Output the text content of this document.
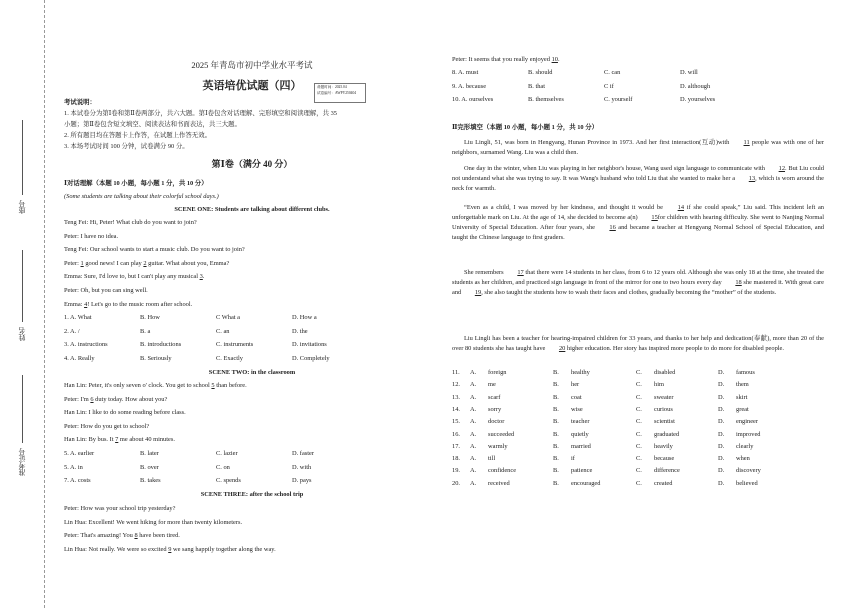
座号
姓名
准考证号
2025 年青岛市初中学业水平考试
英语培优试题（四）	命题时间：2025.04
试卷编号：AWPY250404
考试说明：
1. 本试卷分为第Ⅰ卷和第Ⅱ卷两部分，共六大题。第Ⅰ卷包含对话理解、完形填空和阅读理解，共 35
小题；第Ⅱ卷包含短文填空、阅读表达和书面表达，共三大题。
2. 所有题目均在答题卡上作答，在试题上作答无效。
3. 本场考试时间 100 分钟，试卷满分 90 分。
第Ⅰ卷（满分 40 分）
Ⅰ对话理解（本题 10 小题，每小题 1 分，共 10 分）
(Some students are talking about their colorful school days.)
SCENE ONE: Students are talking about different clubs.
Teng Fei: Hi, Peter! What club do you want to join?
Peter: I have no idea.
Teng Fei: Our school wants to start a music club. Do you want to join?
Peter: 1 good news! I can play 2 guitar. What about you, Emma?
Emma: Sure, I'd love to, but I can't play any musical 3.
Peter: Oh, but you can sing well.
Emma: 4! Let's go to the music room after school.
1. A. What	B. How	C What a	D. How a
2. A. /	B. a	C. an	D. the
3. A. instructions	B. introductions	C. instruments	D. invitations
4. A. Really	B. Seriously	C. Exactly	D. Completely
SCENE TWO: in the classroom
Han Lin: Peter, it's only seven o' clock. You get to school 5 than before.
Peter: I'm 6 duty today. How about you?
Han Lin: I like to do some reading before class.
Peter: How do you get to school?
Han Lin: By bus. It 7 me about 40 minutes.
5. A. earlier	B. later	C. lazier	D. faster
5. A. in	B. over	C. on	D. with
7. A. costs	B. takes	C. spends	D. pays
SCENE THREE: after the school trip
Peter: How was your school trip yesterday?
Lin Hua: Excellent! We went hiking for more than twenty kilometers.
Peter: That's amazing! You 8 have been tired.
Lin Hua: Not really. We were so excited 9 we sang happily together along the way.
Peter: It seems that you really enjoyed 10.
8. A. must	B. should	C. can	D. will
9. A. because	B. that	C if	D. although
10. A. ourselves	B. themselves	C. yourself	D. yourselves
Ⅱ完形填空（本题 10 小题，每小题 1 分，共 10 分）
Liu Lingli, 51, was born in Hengyang, Hunan Province in 1973. And her first interaction(互动)with 11 people was with one of her neighbors, surnamed Wang. Liu was a child then.
One day in the winter, when Liu was playing in her neighbor's house, Wang used sign language to communicate with 12. But Liu could not understand what she was trying to say. It was Wang's husband who told Liu that she wanted to make her a 13, which is worn around the neck for warmth.
“Even as a child, I was moved by her kindness, and thought it would be 14 if she could speak,” Liu said. This incident left an unforgettable mark on Liu. At the age of 14, she decided to become a(n) 15for children with hearing difficulty. She went to Nanjing Normal University of Special Education. After four years, she 16 and became a teacher at Hengyang Normal School of Special Education, and taught the Chinese language to first graders.
She remembers 17 that there were 14 students in her class, from 6 to 12 years old. Although she was only 18 at the time, she treated the students as her children, and practiced sign language in front of the mirror for one to two hours every day 18 she mastered it. With great care and 19, she also taught the students how to wash their faces and clothes, gradually becoming the “mother” of the students.
Liu Lingli has been a teacher for hearing-impaired children for 33 years, and thanks to her help and dedication(奉献), more than 20 of the over 80 students she has taught have 20 higher education. Her story has inspired more people to do more for disabled people.
11. A. foreign	B. healthy	C. disabled	D. famous
12. A. me	B. her	C. him	D. them
13. A. scarf	B. coat	C. sweater	D. skirt
14. A. sorry	B. wise	C. curious	D. great
15. A. doctor	B. teacher	C. scientist	D. engineer
16. A. succeeded	B. quietly	C. graduated	D. improved
17. A. warmly	B. married	C. heavily	D. clearly
18. A. till	B. if	C. because	D. when
19. A. confidence	B. patience	C. difference	D. discovery
20. A. received	B. encouraged	C. created	D. believed
